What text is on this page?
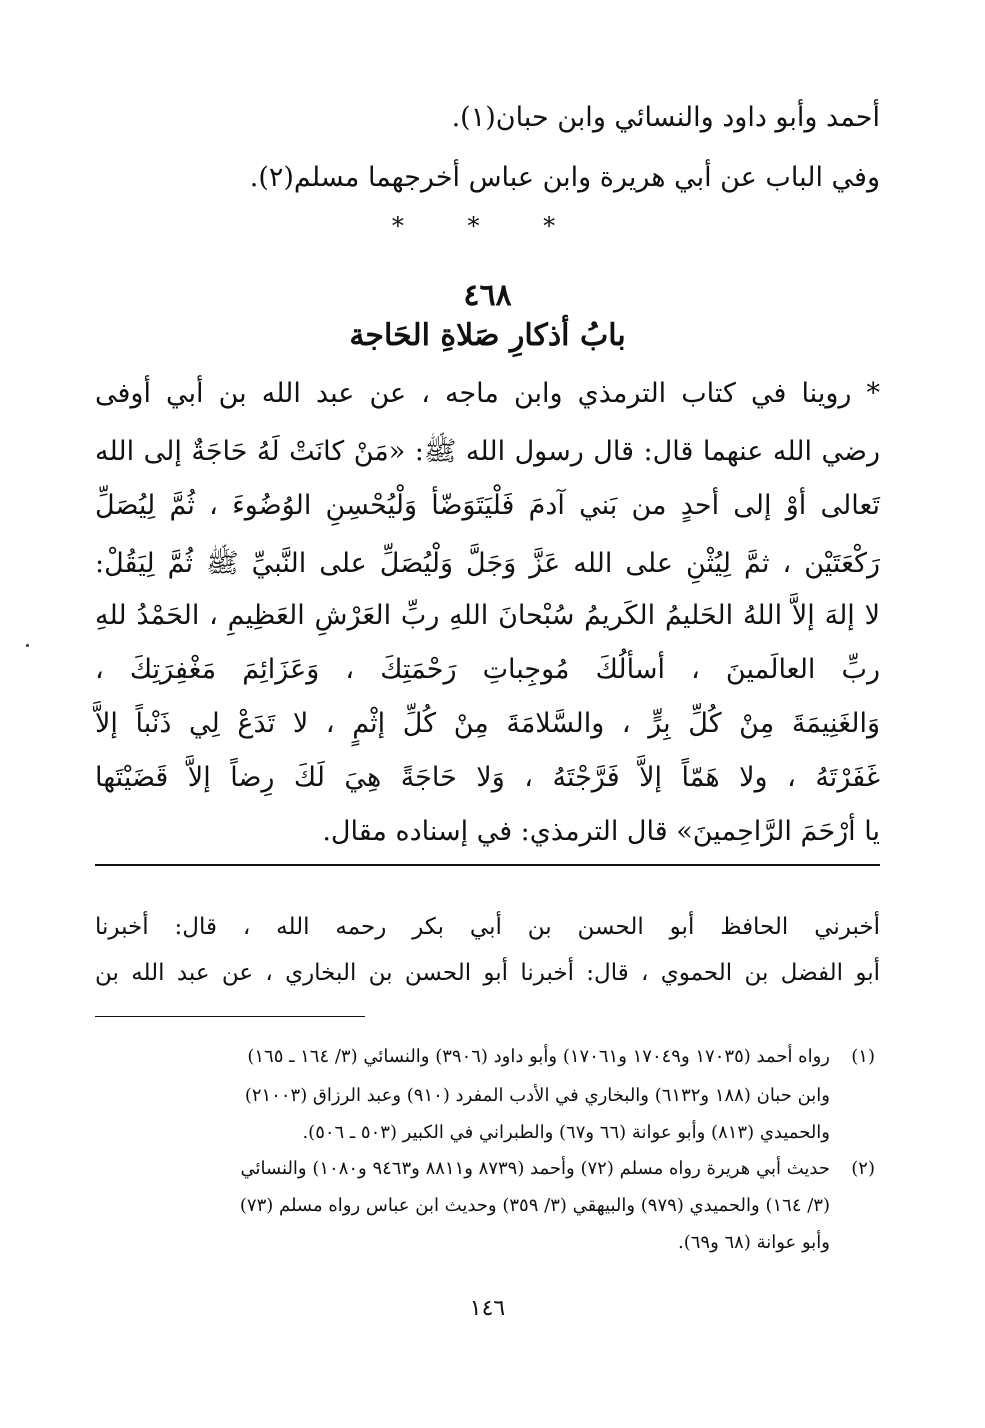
أحمد وأبو داود والنسائي وابن حبان(١).
وفي الباب عن أبي هريرة وابن عباس أخرجهما مسلم(٢).
* * *
٤٦٨
بابُ أذكارِ صَلاةِ الحَاجة
* روينا في كتاب الترمذي وابن ماجه ، عن عبد الله بن أبي أوفى
رضي الله عنهما قال: قال رسول الله ﷺ: «مَنْ كانَتْ لَهُ حَاجَةٌ إلى الله
تَعالى أوْ إلى أحدٍ من بَني آدمَ فَلْيَتَوَضّأ وَلْيُحْسِنِ الوُضُوءَ ، ثُمَّ لِيُصَلِّ
رَكْعَتَيْن ، ثمَّ لِيُثْنِ على الله عَزَّ وَجَلَّ وَلْيُصَلِّ على النَّبيِّ ﷺ ثُمَّ لِيَقُلْ:
لا إلهَ إلاَّ اللهُ الحَليمُ الكَريمُ سُبْحانَ اللهِ ربِّ العَرْشِ العَظِيمِ ، الحَمْدُ للهِ
ربِّ العالَمينَ ، أسألُكَ مُوجِباتِ رَحْمَتِكَ ، وَعَزَائِمَ مَغْفِرَتِكَ ،
وَالغَنِيمَةَ مِنْ كُلِّ بِرٍّ ، والسَّلامَةَ مِنْ كُلِّ إثْمٍ ، لا تَدَعْ لِي ذَنْباً إلاَّ
غَفَرْتَهُ ، ولا هَمّاً إلاَّ فَرَّجْتَهُ ، وَلا حَاجَةً هِيَ لَكَ رِضاً إلاَّ قَضَيْتَها
يا أرْحَمَ الرَّاحِمينَ» قال الترمذي: في إسناده مقال.
أخبرني الحافظ أبو الحسن بن أبي بكر رحمه الله ، قال: أخبرنا
أبو الفضل بن الحموي ، قال: أخبرنا أبو الحسن بن البخاري ، عن عبد الله بن
(١)
رواه أحمد (١٧٠٣٥ و١٧٠٤٩ و١٧٠٦١) وأبو داود (٣٩٠٦) والنسائي (٣/ ١٦٤ ـ ١٦٥)
وابن حبان (١٨٨ و٦١٣٢) والبخاري في الأدب المفرد (٩١٠) وعبد الرزاق (٢١٠٠٣)
والحميدي (٨١٣) وأبو عوانة (٦٦ و٦٧) والطبراني في الكبير (٥٠٣ ـ ٥٠٦).
(٢)
حديث أبي هريرة رواه مسلم (٧٢) وأحمد (٨٧٣٩ و٨٨١١ و٩٤٦٣ و١٠٨٠) والنسائي
(٣/ ١٦٤) والحميدي (٩٧٩) والبيهقي (٣/ ٣٥٩) وحديث ابن عباس رواه مسلم (٧٣)
وأبو عوانة (٦٨ و٦٩).
١٤٦
